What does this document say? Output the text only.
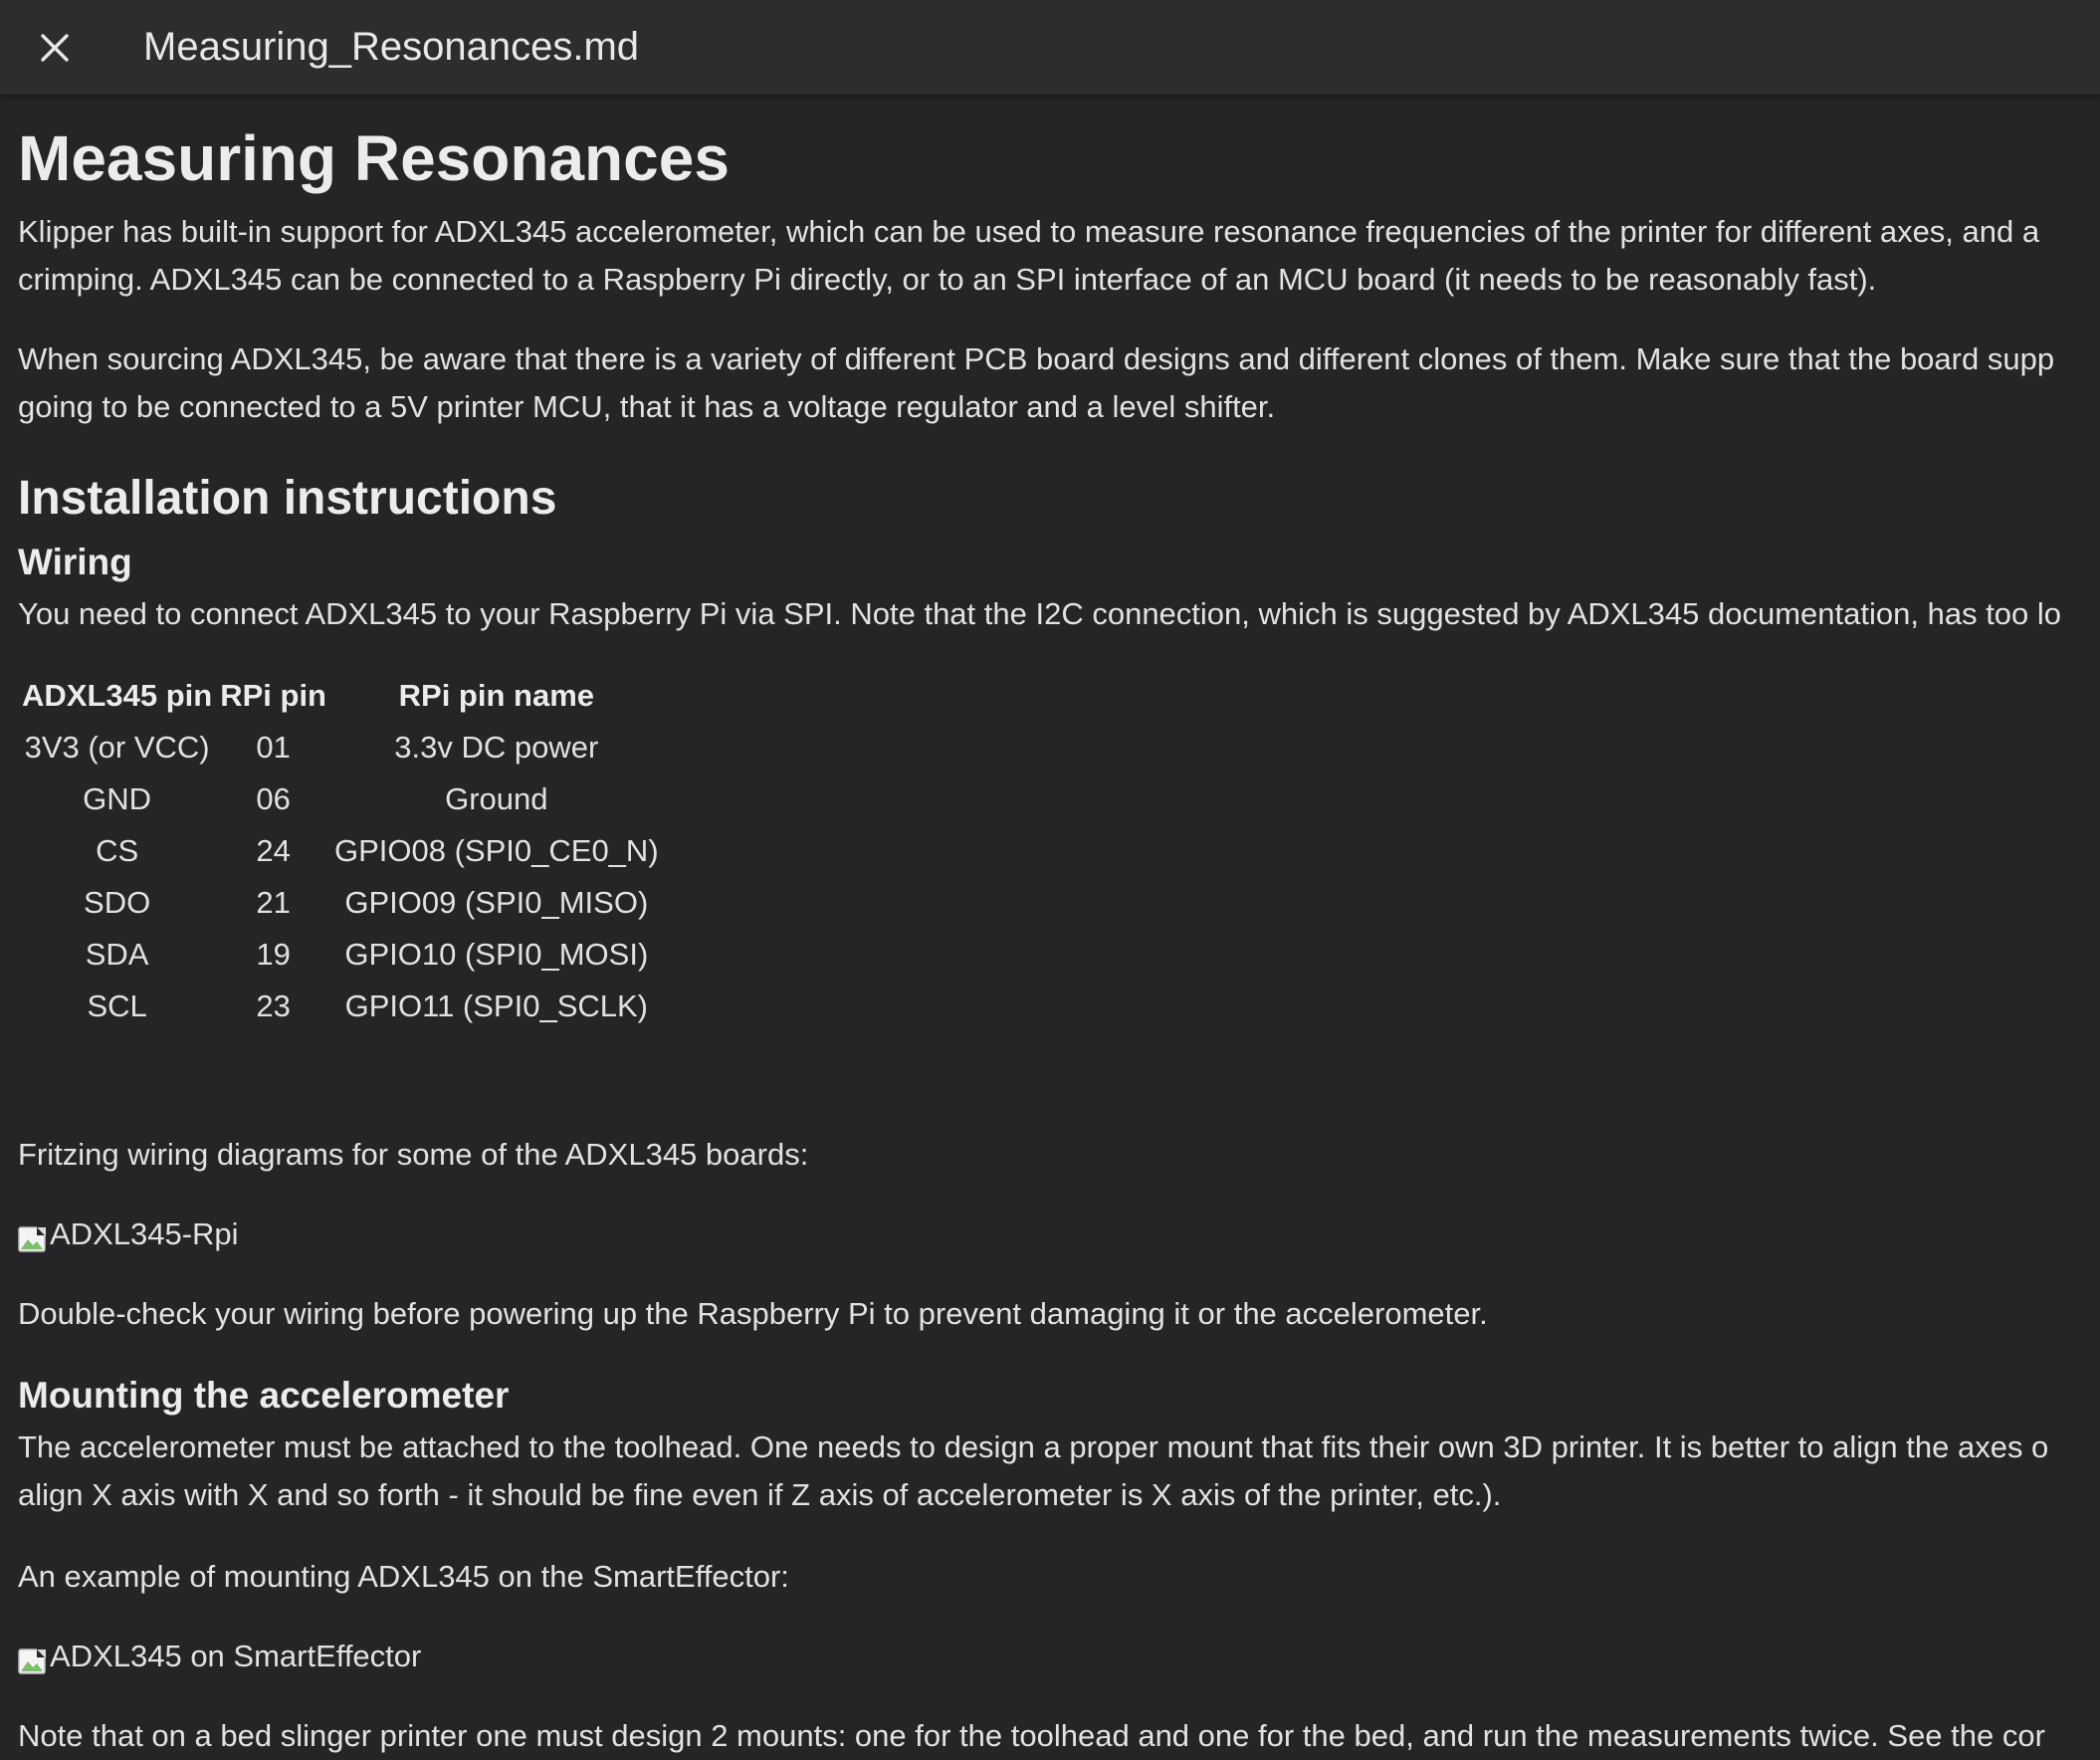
Measuring_Resonances.md
Measuring Resonances

Klipper has built-in support for ADXL345 accelerometer, which can be used to measure resonance frequencies of the printer for different axes, and a

crimping. ADXL345 can be connected to a Raspberry Pi directly, or to an SPI interface of an MCU board (it needs to be reasonably fast).

When sourcing ADXL345, be aware that there is a variety of different PCB board designs and different clones of them. Make sure that the board supp

going to be connected to a 5V printer MCU, that it has a voltage regulator and a level shifter.

Installation instructions
Wiring

You need to connect ADXL345 to your Raspberry Pi via SPI. Note that the I2C connection, which is suggested by ADXL345 documentation, has too lo

ADXL345 pin	RPi pin	RPi pin name
3V3 (or VCC)	01	3.3v DC power
GND	06	Ground
CS	24	GPIO08 (SPI0_CE0_N)
SDO	21	GPIO09 (SPI0_MISO)
SDA	19	GPIO10 (SPI0_MOSI)
SCL	23	GPIO11 (SPI0_SCLK)

Fritzing wiring diagrams for some of the ADXL345 boards:

ADXL345-Rpi

Double-check your wiring before powering up the Raspberry Pi to prevent damaging it or the accelerometer.

Mounting the accelerometer

The accelerometer must be attached to the toolhead. One needs to design a proper mount that fits their own 3D printer. It is better to align the axes o

align X axis with X and so forth - it should be fine even if Z axis of accelerometer is X axis of the printer, etc.).

An example of mounting ADXL345 on the SmartEffector:

ADXL345 on SmartEffector

Note that on a bed slinger printer one must design 2 mounts: one for the toolhead and one for the bed, and run the measurements twice. See the cor
